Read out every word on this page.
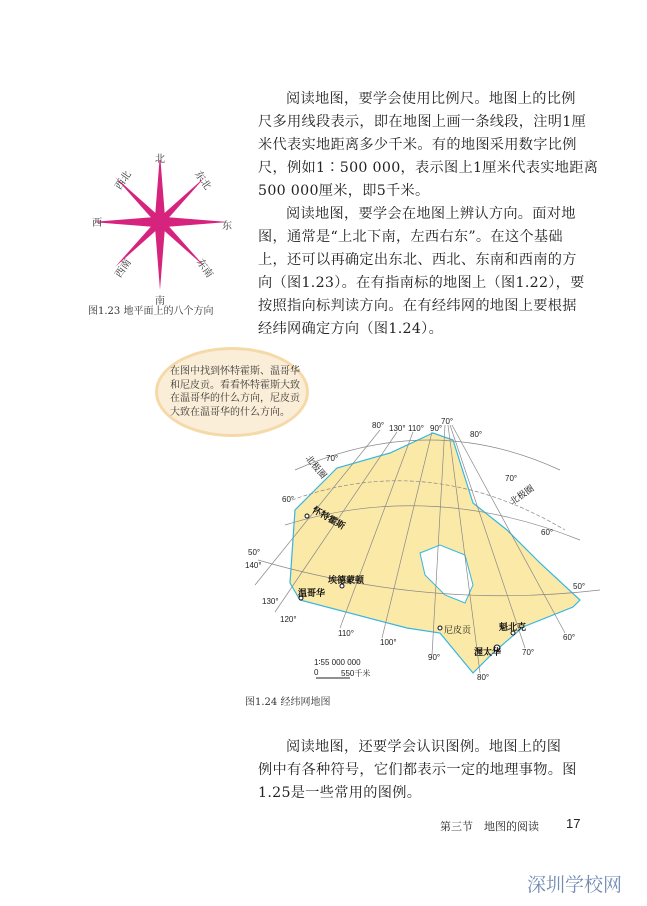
阅读地图，要学会使用比例尺。地图上的比例
尺多用线段表示，即在地图上画一条线段，注明1厘
米代表实地距离多少千米。有的地图采用数字比例
尺，例如1∶500 000，表示图上1厘米代表实地距离
500 000厘米，即5千米。
阅读地图，要学会在地图上辨认方向。面对地
图，通常是“上北下南，左西右东”。在这个基础
上，还可以再确定出东北、西北、东南和西南的方
向（图1.23）。在有指南标的地图上（图1.22），要
按照指向标判读方向。在有经纬网的地图上要根据
经纬网确定方向（图1.24）。
北
南
东
西
东北
西北
东南
西南
图1.23 地平面上的八个方向
在图中找到怀特霍斯、温哥华
和尼皮贡。看看怀特霍斯大致
在温哥华的什么方向，尼皮贡
大致在温哥华的什么方向。
80° 130° 110° 90°
70°
80°
70°
70°
60°
60°
50°
140°
130°
120°
110°
100°
90°
80°
70°
60°
50°
北极圈
北极圈
怀特霍斯
埃德蒙顿
温哥华
尼皮贡	魁北克
渥太华
1∶55 000 000
0	550千米
图1.24 经纬网地图
阅读地图，还要学会认识图例。地图上的图
例中有各种符号，它们都表示一定的地理事物。图
1.25是一些常用的图例。
第三节　地图的阅读 17
深圳学校网
